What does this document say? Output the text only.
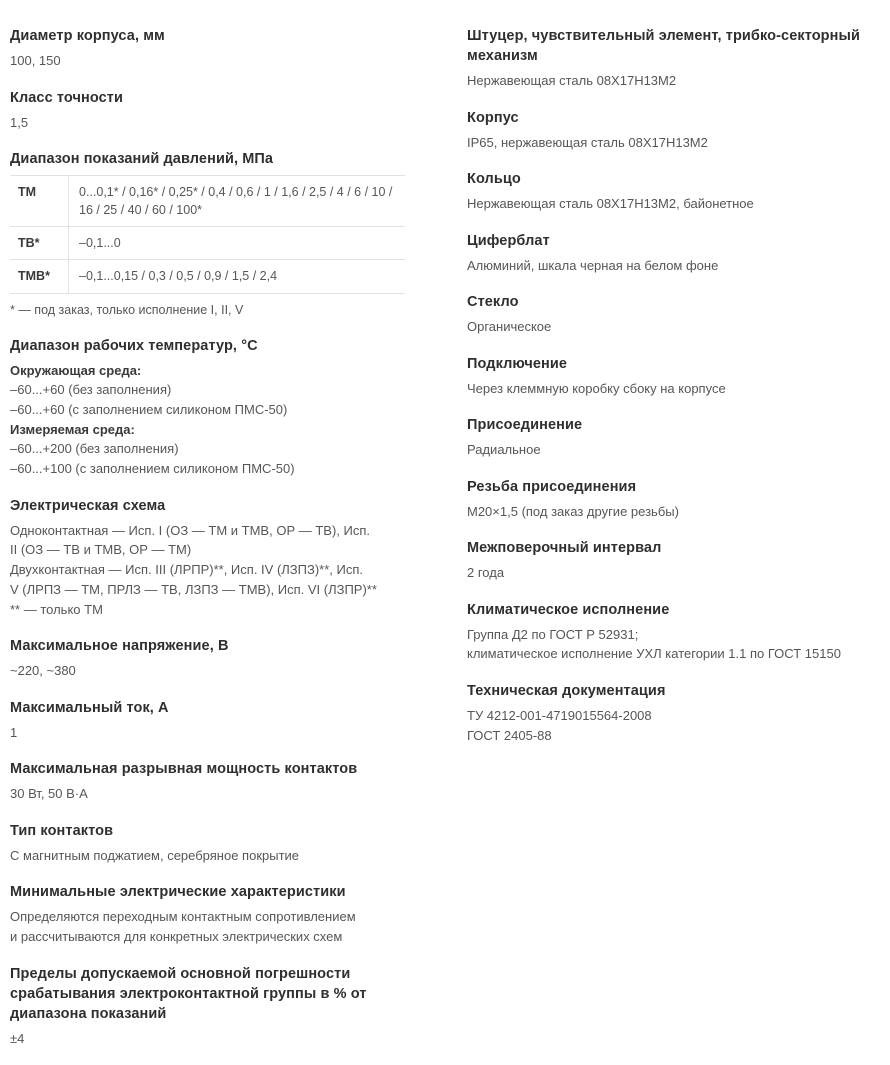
Диаметр корпуса, мм

100, 150

Класс точности

1,5

Диапазон показаний давлений, МПа
ТМ	0...0,1* / 0,16* / 0,25* / 0,4 / 0,6 / 1 / 1,6 / 2,5 / 4 / 6 / 10 / 16 / 25 / 40 / 60 / 100*
ТВ*	–0,1...0
ТМВ*	–0,1...0,15 / 0,3 / 0,5 / 0,9 / 1,5 / 2,4
* — под заказ, только исполнение I, II, V
Диапазон рабочих температур, °С

Окружающая среда:
–60...+60 (без заполнения)
–60...+60 (с заполнением силиконом ПМС-50)
Измеряемая среда:
–60...+200 (без заполнения)
–60...+100 (с заполнением силиконом ПМС-50)

Электрическая схема

Одноконтактная — Исп. I (ОЗ — ТМ и ТМВ, ОР — ТВ), Исп.
II (ОЗ — ТВ и ТМВ, ОР — ТМ)
Двухконтактная — Исп. III (ЛРПР)**, Исп. IV (ЛЗПЗ)**, Исп.
V (ЛРПЗ — ТМ, ПРЛЗ — ТВ, ЛЗПЗ — ТМВ), Исп. VI (ЛЗПР)**
** — только ТМ

Максимальное напряжение, В

~220, ~380

Максимальный ток, А

1

Максимальная разрывная мощность контактов

30 Вт, 50 В·А

Тип контактов

С магнитным поджатием, серебряное покрытие

Минимальные электрические характеристики

Определяются переходным контактным сопротивлением
и рассчитываются для конкретных электрических схем

Пределы допускаемой основной погрешности срабатывания электроконтактной группы в % от диапазона показаний

±4

Штуцер, чувствительный элемент, трибко-секторный механизм

Нержавеющая сталь 08Х17Н13М2

Корпус

IP65, нержавеющая сталь 08Х17Н13М2

Кольцо

Нержавеющая сталь 08Х17Н13М2, байонетное

Циферблат

Алюминий, шкала черная на белом фоне

Стекло

Органическое

Подключение

Через клеммную коробку сбоку на корпусе

Присоединение

Радиальное

Резьба присоединения

М20×1,5 (под заказ другие резьбы)

Межповерочный интервал

2 года

Климатическое исполнение

Группа Д2 по ГОСТ Р 52931;
климатическое исполнение УХЛ категории 1.1 по ГОСТ 15150

Техническая документация

ТУ 4212-001-4719015564-2008
ГОСТ 2405-88
